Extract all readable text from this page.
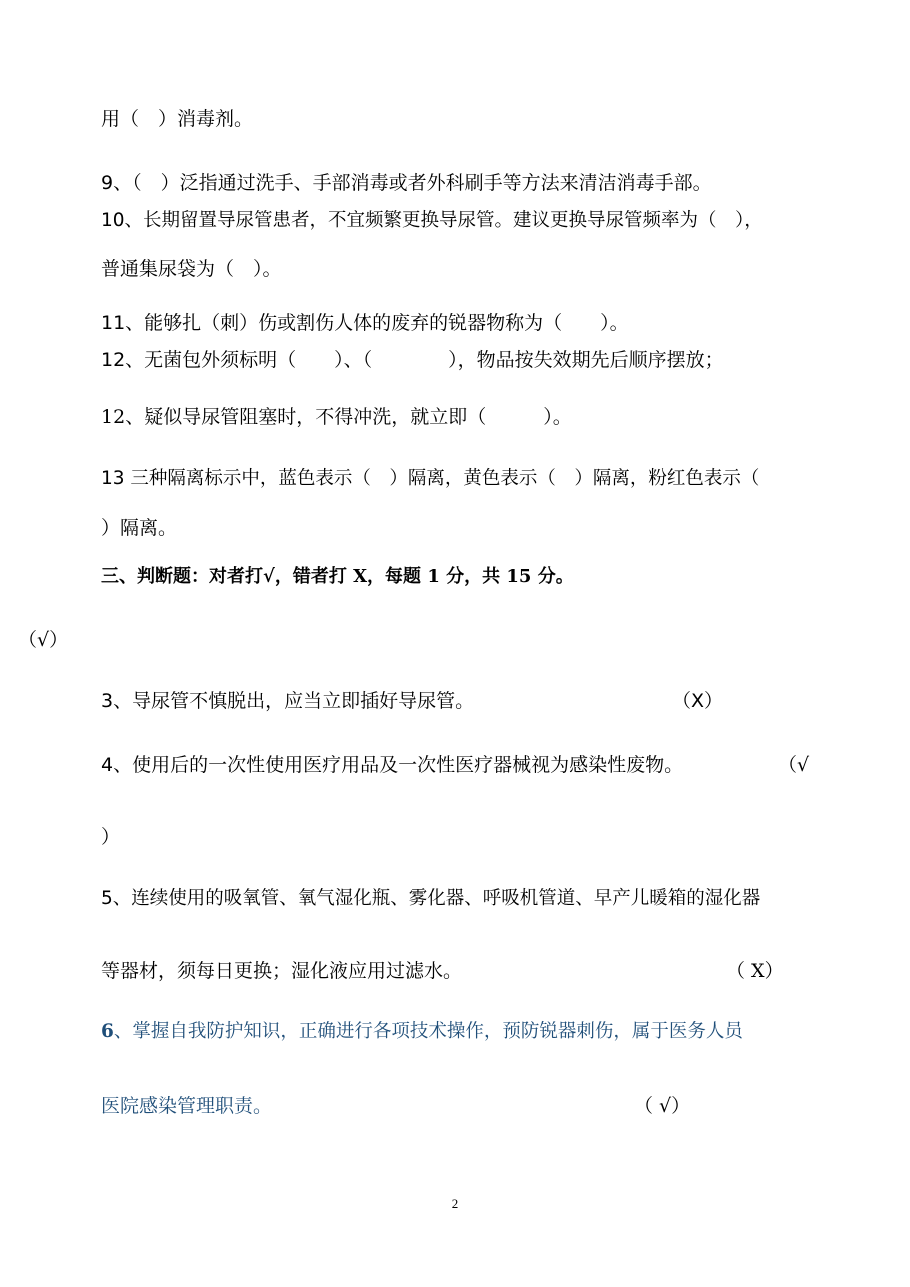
用（　）消毒剂。
9、（　）泛指通过洗手、手部消毒或者外科刷手等方法来清洁消毒手部。
10、长期留置导尿管患者，不宜频繁更换导尿管。建议更换导尿管频率为（　），
普通集尿袋为（　）。
11、能够扎（刺）伤或割伤人体的废弃的锐器物称为（　　）。
12、无菌包外须标明（　　）、（　　　　），物品按失效期先后顺序摆放；
12、疑似导尿管阻塞时，不得冲洗，就立即（　　　）。
13 三种隔离标示中，蓝色表示（　）隔离，黄色表示（　）隔离，粉红色表示（
）隔离。
三、判断题：对者打√，错者打 X，每题 1 分，共 15 分。
（√）
3、导尿管不慎脱出，应当立即插好导尿管。	（X）
4、使用后的一次性使用医疗用品及一次性医疗器械视为感染性废物。	（√
）
5、连续使用的吸氧管、氧气湿化瓶、雾化器、呼吸机管道、早产儿暖箱的湿化器
等器材，须每日更换；湿化液应用过滤水。	（ X）
6、掌握自我防护知识，正确进行各项技术操作，预防锐器刺伤，属于医务人员
医院感染管理职责。	（ √）
2
